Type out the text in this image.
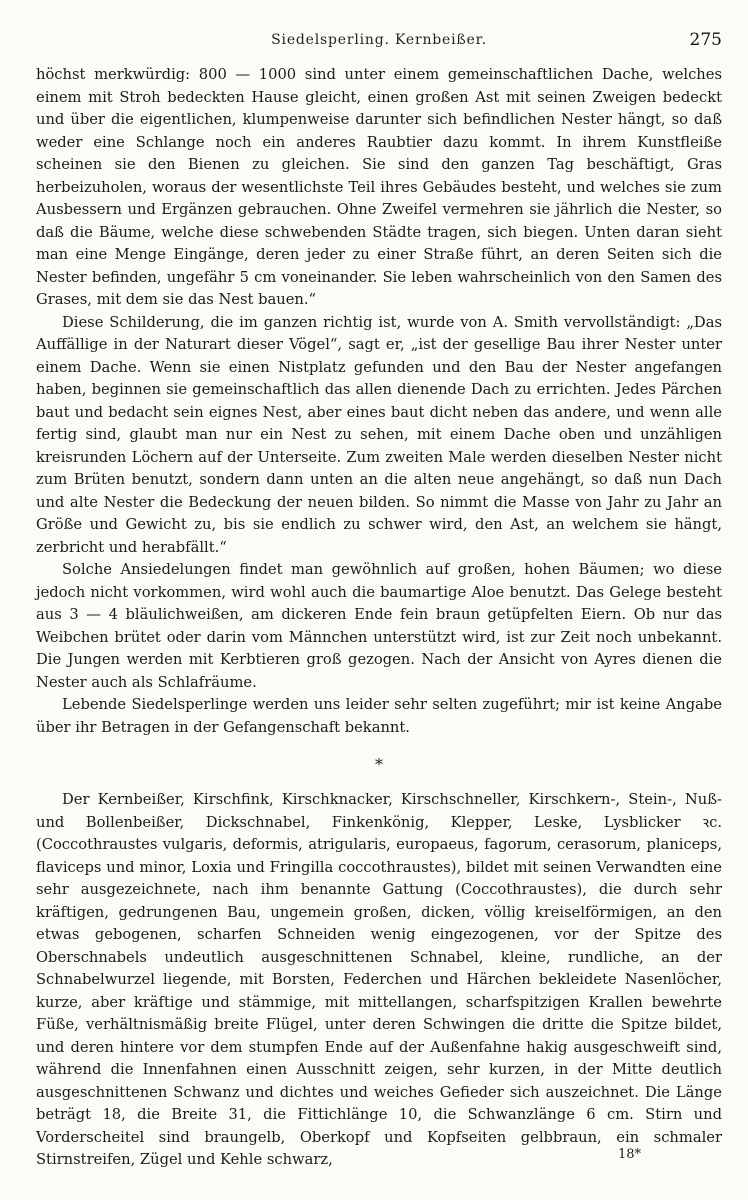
Siedelsperling. Kernbeißer.	275

höchst merkwürdig: 800 — 1000 sind unter einem gemeinschaftlichen Dache, welches einem mit Stroh bedeckten Hause gleicht, einen großen Ast mit seinen Zweigen bedeckt und über die eigentlichen, klumpenweise darunter sich befindlichen Nester hängt, so daß weder eine Schlange noch ein anderes Raubtier dazu kommt. In ihrem Kunstfleiße scheinen sie den Bienen zu gleichen. Sie sind den ganzen Tag beschäftigt, Gras herbeizuholen, woraus der wesentlichste Teil ihres Gebäudes besteht, und welches sie zum Ausbessern und Ergänzen gebrauchen. Ohne Zweifel vermehren sie jährlich die Nester, so daß die Bäume, welche diese schwebenden Städte tragen, sich biegen. Unten daran sieht man eine Menge Eingänge, deren jeder zu einer Straße führt, an deren Seiten sich die Nester befinden, ungefähr 5 cm voneinander. Sie leben wahrscheinlich von den Samen des Grases, mit dem sie das Nest bauen.“

Diese Schilderung, die im ganzen richtig ist, wurde von A. Smith vervollständigt: „Das Auffällige in der Naturart dieser Vögel“, sagt er, „ist der gesellige Bau ihrer Nester unter einem Dache. Wenn sie einen Nistplatz gefunden und den Bau der Nester angefangen haben, beginnen sie gemeinschaftlich das allen dienende Dach zu errichten. Jedes Pärchen baut und bedacht sein eignes Nest, aber eines baut dicht neben das andere, und wenn alle fertig sind, glaubt man nur ein Nest zu sehen, mit einem Dache oben und unzähligen kreisrunden Löchern auf der Unterseite. Zum zweiten Male werden dieselben Nester nicht zum Brüten benutzt, sondern dann unten an die alten neue angehängt, so daß nun Dach und alte Nester die Bedeckung der neuen bilden. So nimmt die Masse von Jahr zu Jahr an Größe und Gewicht zu, bis sie endlich zu schwer wird, den Ast, an welchem sie hängt, zerbricht und herabfällt.“

Solche Ansiedelungen findet man gewöhnlich auf großen, hohen Bäumen; wo diese jedoch nicht vorkommen, wird wohl auch die baumartige Aloe benutzt. Das Gelege besteht aus 3 — 4 bläulichweißen, am dickeren Ende fein braun getüpfelten Eiern. Ob nur das Weibchen brütet oder darin vom Männchen unterstützt wird, ist zur Zeit noch unbekannt. Die Jungen werden mit Kerbtieren groß gezogen. Nach der Ansicht von Ayres dienen die Nester auch als Schlafräume.

Lebende Siedelsperlinge werden uns leider sehr selten zugeführt; mir ist keine Angabe über ihr Betragen in der Gefangenschaft bekannt.

*

Der Kernbeißer, Kirschfink, Kirschknacker, Kirschschneller, Kirschkern-, Stein-, Nuß- und Bollenbeißer, Dickschnabel, Finkenkönig, Klepper, Leske, Lysblicker ꝛc. (Coccothraustes vulgaris, deformis, atrigularis, europaeus, fagorum, cerasorum, planiceps, flaviceps und minor, Loxia und Fringilla coccothraustes), bildet mit seinen Verwandten eine sehr ausgezeichnete, nach ihm benannte Gattung (Coccothraustes), die durch sehr kräftigen, gedrungenen Bau, ungemein großen, dicken, völlig kreiselförmigen, an den etwas gebogenen, scharfen Schneiden wenig eingezogenen, vor der Spitze des Oberschnabels undeutlich ausgeschnittenen Schnabel, kleine, rundliche, an der Schnabelwurzel liegende, mit Borsten, Federchen und Härchen bekleidete Nasenlöcher, kurze, aber kräftige und stämmige, mit mittellangen, scharfspitzigen Krallen bewehrte Füße, verhältnismäßig breite Flügel, unter deren Schwingen die dritte die Spitze bildet, und deren hintere vor dem stumpfen Ende auf der Außenfahne hakig ausgeschweift sind, während die Innenfahnen einen Ausschnitt zeigen, sehr kurzen, in der Mitte deutlich ausgeschnittenen Schwanz und dichtes und weiches Gefieder sich auszeichnet. Die Länge beträgt 18, die Breite 31, die Fittichlänge 10, die Schwanzlänge 6 cm. Stirn und Vorderscheitel sind braungelb, Oberkopf und Kopfseiten gelbbraun, ein schmaler Stirnstreifen, Zügel und Kehle schwarz,	18*
